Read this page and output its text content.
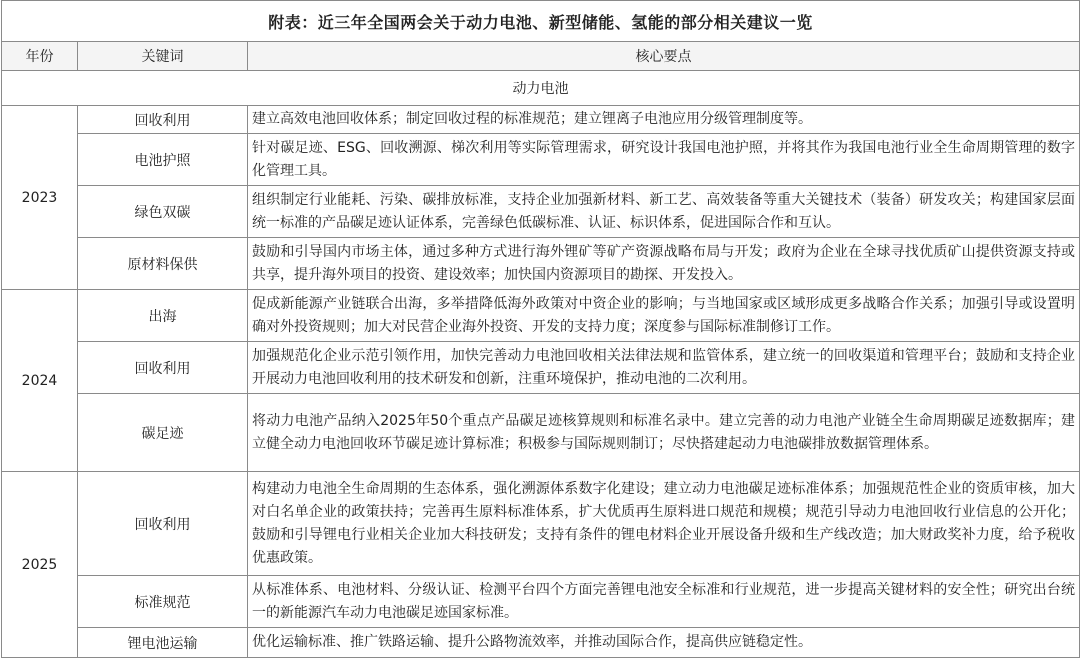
附表：近三年全国两会关于动力电池、新型储能、氢能的部分相关建议一览		
年份	关键词	核心要点
动力电池		
2023	回收利用	建立高效电池回收体系；制定回收过程的标准规范；建立锂离子电池应用分级管理制度等。
	电池护照	针对碳足迹、ESG、回收溯源、梯次利用等实际管理需求，研究设计我国电池护照，并将其作为我国电池行业全生命周期管理的数字化管理工具。
	绿色双碳	组织制定行业能耗、污染、碳排放标准，支持企业加强新材料、新工艺、高效装备等重大关键技术（装备）研发攻关；构建国家层面统一标准的产品碳足迹认证体系，完善绿色低碳标准、认证、标识体系，促进国际合作和互认。
	原材料保供	鼓励和引导国内市场主体，通过多种方式进行海外锂矿等矿产资源战略布局与开发；政府为企业在全球寻找优质矿山提供资源支持或共享，提升海外项目的投资、建设效率；加快国内资源项目的勘探、开发投入。
2024	出海	促成新能源产业链联合出海，多举措降低海外政策对中资企业的影响；与当地国家或区域形成更多战略合作关系；加强引导或设置明确对外投资规则；加大对民营企业海外投资、开发的支持力度；深度参与国际标准制修订工作。
	回收利用	加强规范化企业示范引领作用，加快完善动力电池回收相关法律法规和监管体系，建立统一的回收渠道和管理平台；鼓励和支持企业开展动力电池回收利用的技术研发和创新，注重环境保护，推动电池的二次利用。
	碳足迹	将动力电池产品纳入2025年50个重点产品碳足迹核算规则和标准名录中。建立完善的动力电池产业链全生命周期碳足迹数据库；建立健全动力电池回收环节碳足迹计算标准；积极参与国际规则制订；尽快搭建起动力电池碳排放数据管理体系。
2025	回收利用	构建动力电池全生命周期的生态体系，强化溯源体系数字化建设；建立动力电池碳足迹标准体系；加强规范性企业的资质审核，加大对白名单企业的政策扶持；完善再生原料标准体系，扩大优质再生原料进口规范和规模；规范引导动力电池回收行业信息的公开化；鼓励和引导锂电行业相关企业加大科技研发；支持有条件的锂电材料企业开展设备升级和生产线改造；加大财政奖补力度，给予税收优惠政策。
	标准规范	从标准体系、电池材料、分级认证、检测平台四个方面完善锂电池安全标准和行业规范，进一步提高关键材料的安全性；研究出台统一的新能源汽车动力电池碳足迹国家标准。
	锂电池运输	优化运输标准、推广铁路运输、提升公路物流效率，并推动国际合作，提高供应链稳定性。
